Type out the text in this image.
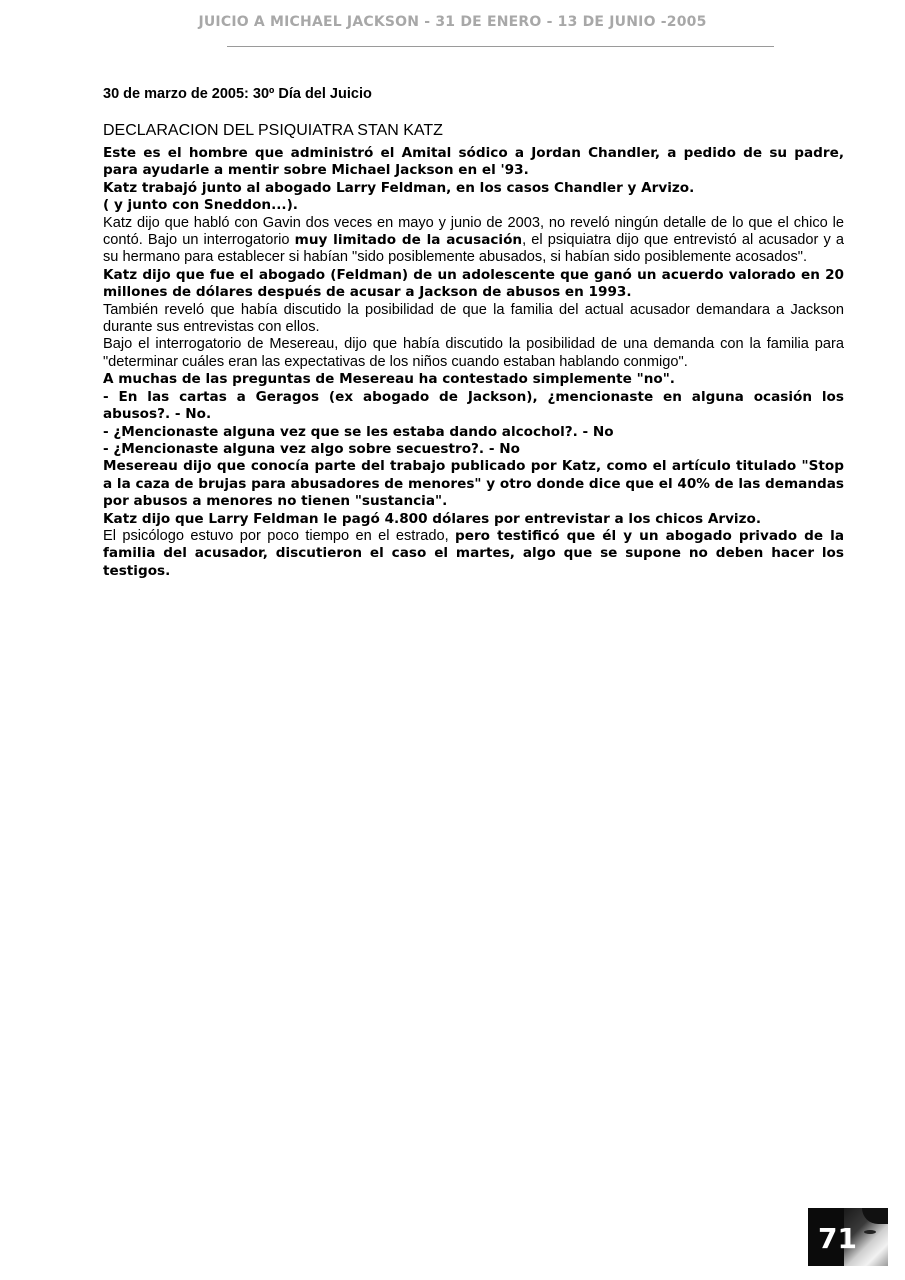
JUICIO A MICHAEL JACKSON - 31 DE ENERO - 13 DE JUNIO -2005

30 de marzo de 2005: 30º Día del Juicio

DECLARACION DEL PSIQUIATRA STAN KATZ

Este es el hombre que administró el Amital sódico a Jordan Chandler, a pedido de su padre, para ayudarle a mentir sobre Michael Jackson en el '93.

Katz trabajó junto al abogado Larry Feldman, en los casos Chandler y Arvizo.

( y junto con Sneddon...).

Katz dijo que habló con Gavin dos veces en mayo y junio de 2003, no reveló ningún detalle de lo que el chico le contó. Bajo un interrogatorio muy limitado de la acusación, el psiquiatra dijo que entrevistó al acusador y a su hermano para establecer si habían "sido posiblemente abusados, si habían sido posiblemente acosados".

Katz dijo que fue el abogado (Feldman) de un adolescente que ganó un acuerdo valorado en 20 millones de dólares después de acusar a Jackson de abusos en 1993.

También reveló que había discutido la posibilidad de que la familia del actual acusador demandara a Jackson durante sus entrevistas con ellos.

Bajo el interrogatorio de Mesereau, dijo que había discutido la posibilidad de una demanda con la familia para "determinar cuáles eran las expectativas de los niños cuando estaban hablando conmigo".

A muchas de las preguntas de Mesereau ha contestado simplemente "no".

- En las cartas a Geragos (ex abogado de Jackson), ¿mencionaste en alguna ocasión los abusos?. - No.

- ¿Mencionaste alguna vez que se les estaba dando alcochol?. - No

- ¿Mencionaste alguna vez algo sobre secuestro?. - No

Mesereau dijo que conocía parte del trabajo publicado por Katz, como el artículo titulado "Stop a la caza de brujas para abusadores de menores" y otro donde dice que el 40% de las demandas por abusos a menores no tienen "sustancia".

Katz dijo que Larry Feldman le pagó 4.800 dólares por entrevistar a los chicos Arvizo.

El psicólogo estuvo por poco tiempo en el estrado, pero testificó que él y un abogado privado de la familia del acusador, discutieron el caso el martes, algo que se supone no deben hacer los testigos.

71
